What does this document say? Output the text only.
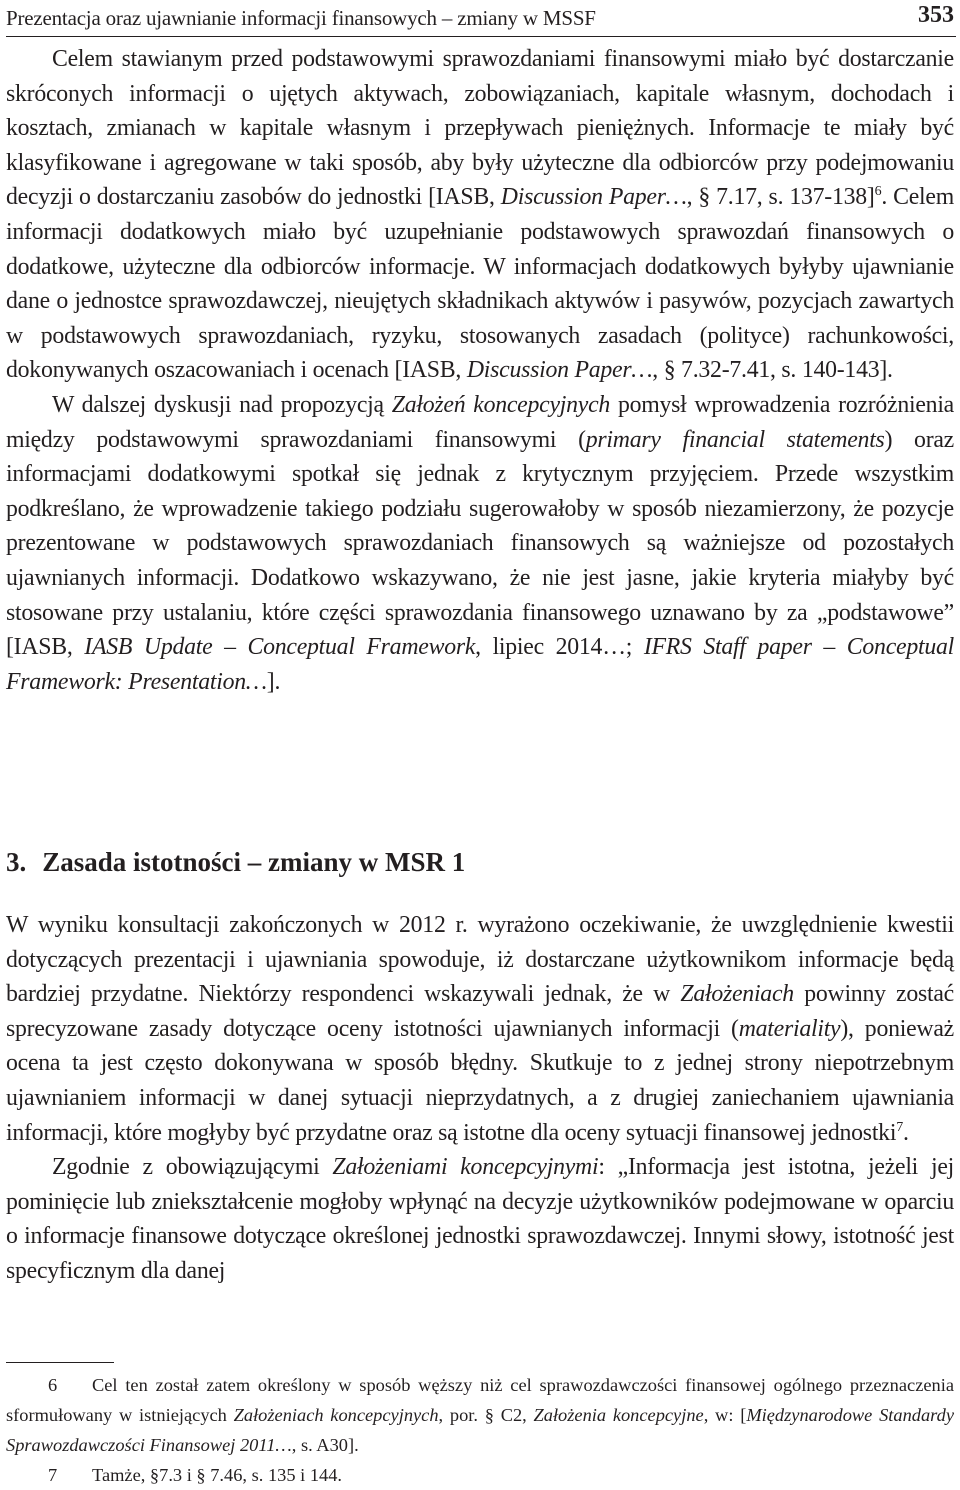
Prezentacja oraz ujawnianie informacji finansowych – zmiany w MSSF	353

Celem stawianym przed podstawowymi sprawozdaniami finansowymi miało być dostarczanie skróconych informacji o ujętych aktywach, zobowiązaniach, kapitale własnym, dochodach i kosztach, zmianach w kapitale własnym i przepływach pieniężnych. Informacje te miały być klasyfikowane i agregowane w taki sposób, aby były użyteczne dla odbiorców przy podejmowaniu decyzji o dostarczaniu zasobów do jednostki [IASB, Discussion Paper…, § 7.17, s. 137-138]$^6$. Celem informacji dodatkowych miało być uzupełnianie podstawowych sprawozdań finansowych o dodatkowe, użyteczne dla odbiorców informacje. W informacjach dodatkowych byłyby ujawnianie dane o jednostce sprawozdawczej, nieujętych składnikach aktywów i pasywów, pozycjach zawartych w podstawowych sprawozdaniach, ryzyku, stosowanych zasadach (polityce) rachunkowości, dokonywanych oszacowaniach i ocenach [IASB, Discussion Paper…, § 7.32-7.41, s. 140-143].

W dalszej dyskusji nad propozycją Założeń koncepcyjnych pomysł wprowadzenia rozróżnienia między podstawowymi sprawozdaniami finansowymi (primary financial statements) oraz informacjami dodatkowymi spotkał się jednak z krytycznym przyjęciem. Przede wszystkim podkreślano, że wprowadzenie takiego podziału sugerowałoby w sposób niezamierzony, że pozycje prezentowane w podstawowych sprawozdaniach finansowych są ważniejsze od pozostałych ujawnianych informacji. Dodatkowo wskazywano, że nie jest jasne, jakie kryteria miałyby być stosowane przy ustalaniu, które części sprawozdania finansowego uznawano by za „podstawowe” [IASB, IASB Update – Conceptual Framework, lipiec 2014…; IFRS Staff paper – Conceptual Framework: Presentation…].

3. Zasada istotności – zmiany w MSR 1

W wyniku konsultacji zakończonych w 2012 r. wyrażono oczekiwanie, że uwzględnienie kwestii dotyczących prezentacji i ujawniania spowoduje, iż dostarczane użytkownikom informacje będą bardziej przydatne. Niektórzy respondenci wskazywali jednak, że w Założeniach powinny zostać sprecyzowane zasady dotyczące oceny istotności ujawnianych informacji (materiality), ponieważ ocena ta jest często dokonywana w sposób błędny. Skutkuje to z jednej strony niepotrzebnym ujawnianiem informacji w danej sytuacji nieprzydatnych, a z drugiej zaniechaniem ujawniania informacji, które mogłyby być przydatne oraz są istotne dla oceny sytuacji finansowej jednostki$^7$.

Zgodnie z obowiązującymi Założeniami koncepcyjnymi: „Informacja jest istotna, jeżeli jej pominięcie lub zniekształcenie mogłoby wpłynąć na decyzje użytkowników podejmowane w oparciu o informacje finansowe dotyczące określonej jednostki sprawozdawczej. Innymi słowy, istotność jest specyficznym dla danej

6 Cel ten został zatem określony w sposób węższy niż cel sprawozdawczości finansowej ogólnego przeznaczenia sformułowany w istniejących Założeniach koncepcyjnych, por. § C2, Założenia koncepcyjne, w: [Międzynarodowe Standardy Sprawozdawczości Finansowej 2011…, s. A30].

7 Tamże, §7.3 i § 7.46, s. 135 i 144.
